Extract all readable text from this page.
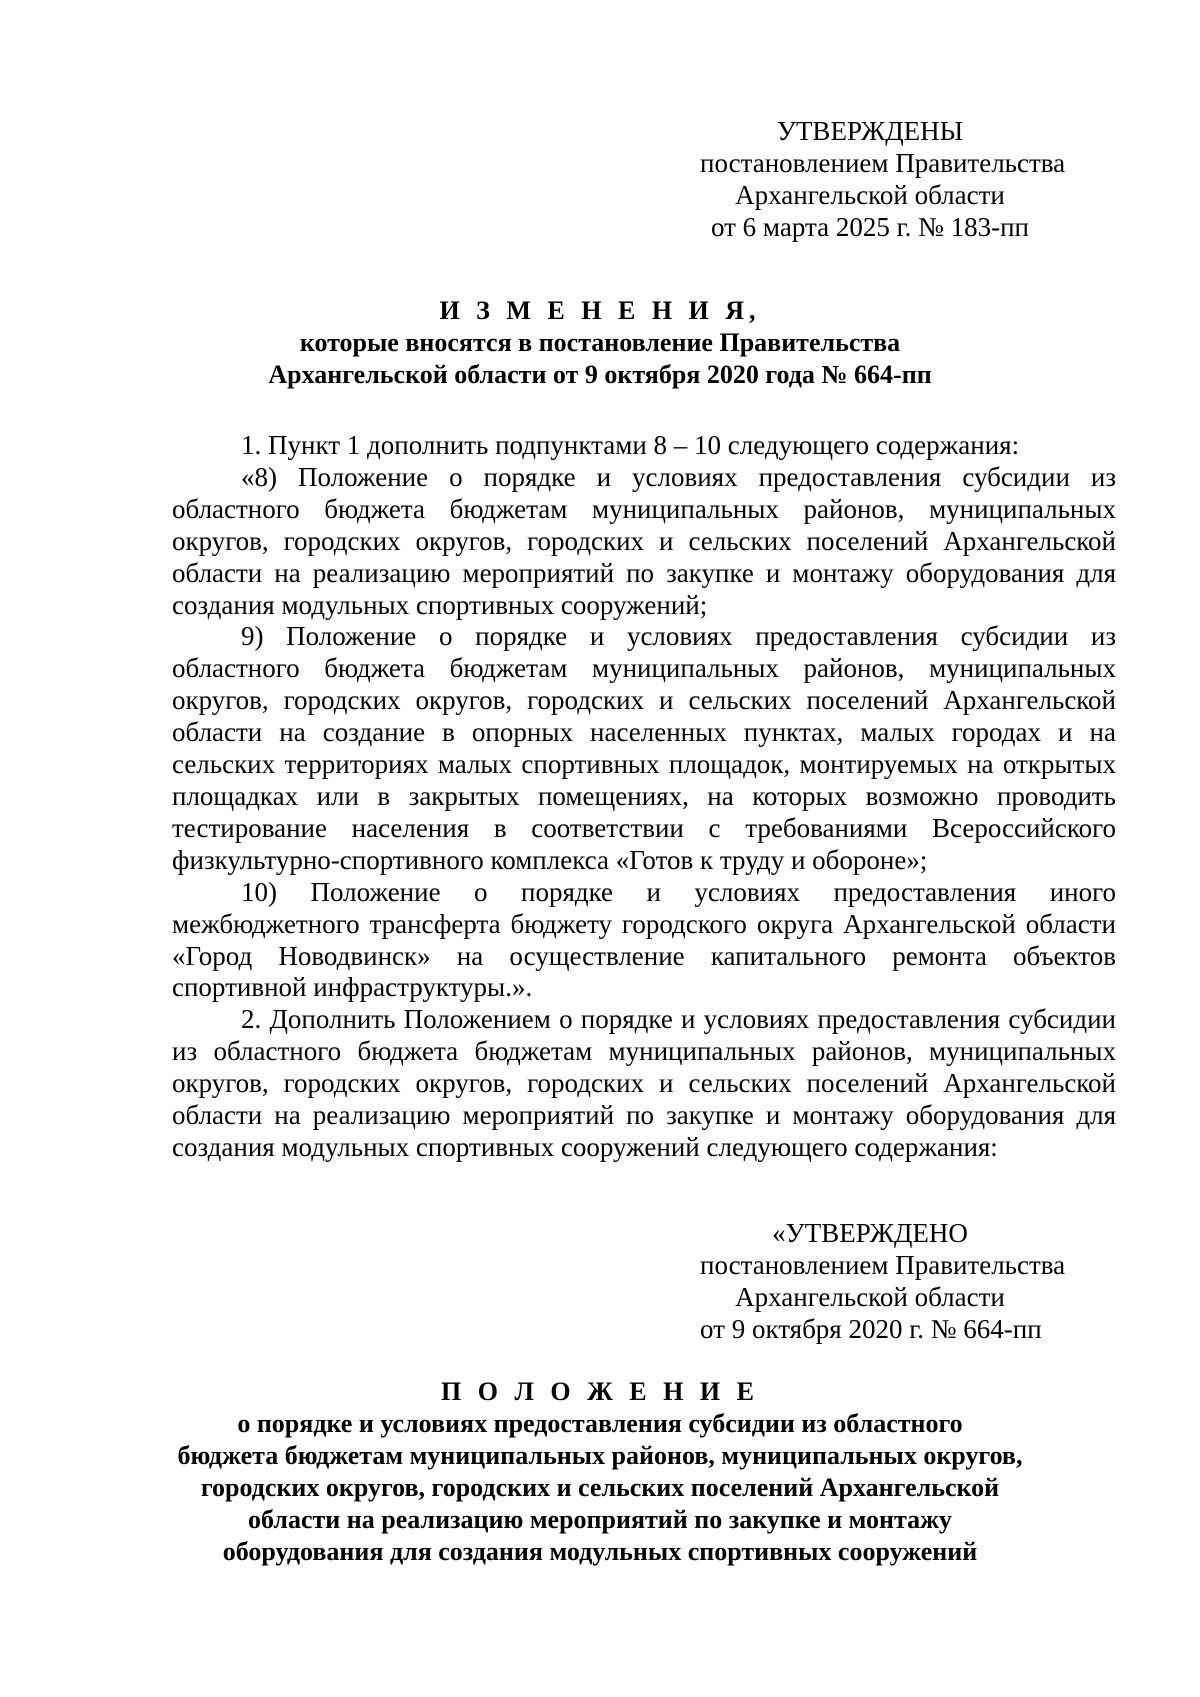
УТВЕРЖДЕНЫ
постановлением Правительства
Архангельской области
от 6 марта 2025 г. № 183-пп
И З М Е Н Е Н И Я,
которые вносятся в постановление Правительства
Архангельской области от 9 октября 2020 года № 664-пп

1. Пункт 1 дополнить подпунктами 8 – 10 следующего содержания:

«8) Положение о порядке и условиях предоставления субсидии из областного бюджета бюджетам муниципальных районов, муниципальных округов, городских округов, городских и сельских поселений Архангельской области на реализацию мероприятий по закупке и монтажу оборудования для создания модульных спортивных сооружений;

9) Положение о порядке и условиях предоставления субсидии из областного бюджета бюджетам муниципальных районов, муниципальных округов, городских округов, городских и сельских поселений Архангельской области на создание в опорных населенных пунктах, малых городах и на сельских территориях малых спортивных площадок, монтируемых на открытых площадках или в закрытых помещениях, на которых возможно проводить тестирование населения в соответствии с требованиями Всероссийского физкультурно-спортивного комплекса «Готов к труду и обороне»;

10) Положение о порядке и условиях предоставления иного межбюджетного трансферта бюджету городского округа Архангельской области «Город Новодвинск» на осуществление капитального ремонта объектов спортивной инфраструктуры.».

2. Дополнить Положением о порядке и условиях предоставления субсидии из областного бюджета бюджетам муниципальных районов, муниципальных округов, городских округов, городских и сельских поселений Архангельской области на реализацию мероприятий по закупке и монтажу оборудования для создания модульных спортивных сооружений следующего содержания:

«УТВЕРЖДЕНО
постановлением Правительства
Архангельской области
от 9 октября 2020 г. № 664-пп
П О Л О Ж Е Н И Е
о порядке и условиях предоставления субсидии из областного
бюджета бюджетам муниципальных районов, муниципальных округов,
городских округов, городских и сельских поселений Архангельской
области на реализацию мероприятий по закупке и монтажу
оборудования для создания модульных спортивных сооружений
